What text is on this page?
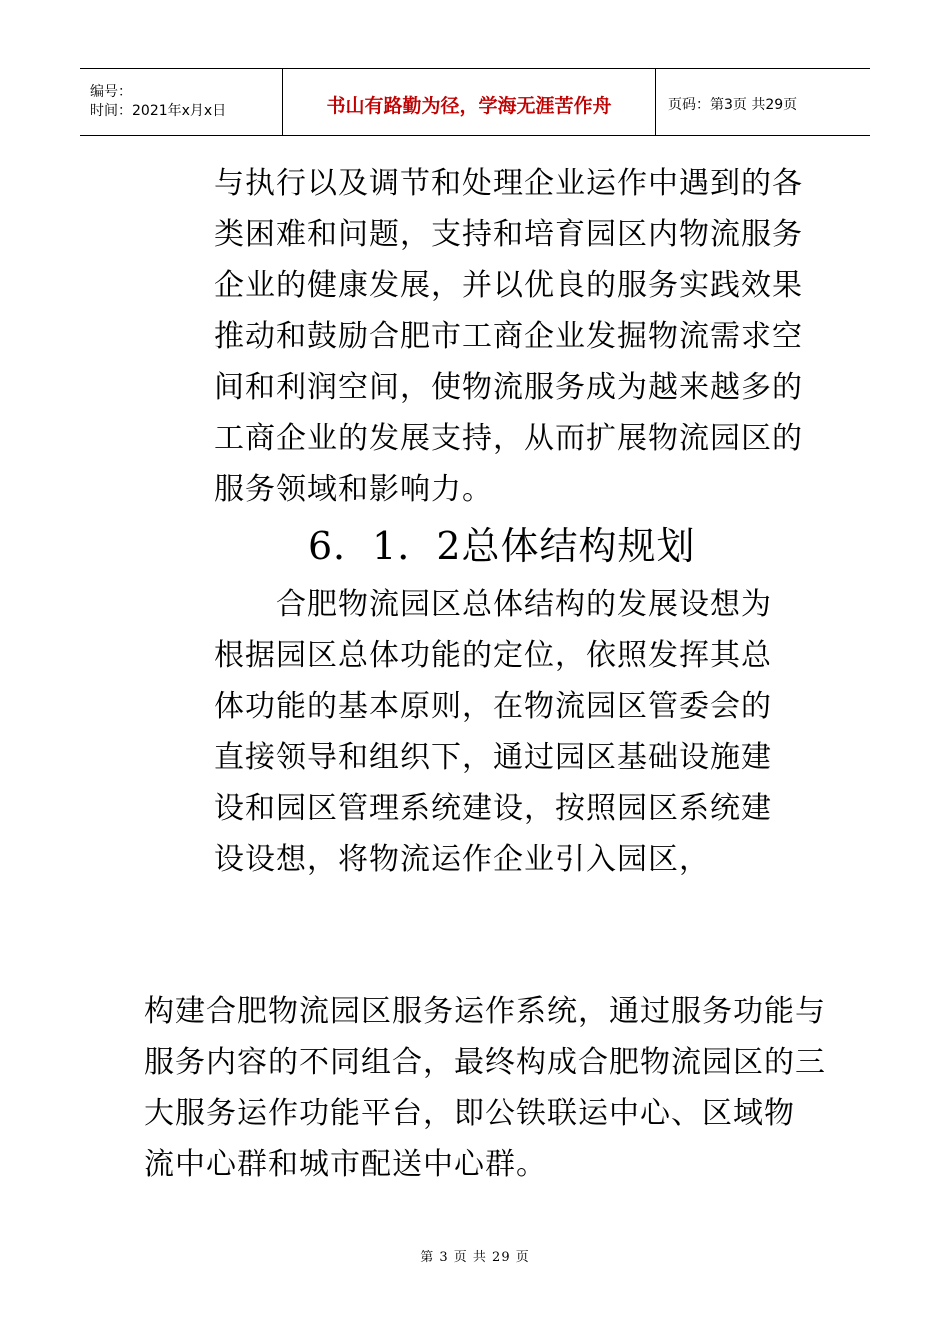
编号：
时间：2021年x月x日	书山有路勤为径，学海无涯苦作舟	页码：第3页 共29页

与执行以及调节和处理企业运作中遇到的各
类困难和问题，支持和培育园区内物流服务
企业的健康发展，并以优良的服务实践效果
推动和鼓励合肥市工商企业发掘物流需求空
间和利润空间，使物流服务成为越来越多的
工商企业的发展支持，从而扩展物流园区的
服务领域和影响力。

6．1．2总体结构规划

　　合肥物流园区总体结构的发展设想为
根据园区总体功能的定位，依照发挥其总
体功能的基本原则，在物流园区管委会的
直接领导和组织下，通过园区基础设施建
设和园区管理系统建设，按照园区系统建
设设想，将物流运作企业引入园区，

构建合肥物流园区服务运作系统，通过服务功能与
服务内容的不同组合，最终构成合肥物流园区的三
大服务运作功能平台，即公铁联运中心、区域物
流中心群和城市配送中心群。

第 3 页 共 29 页
